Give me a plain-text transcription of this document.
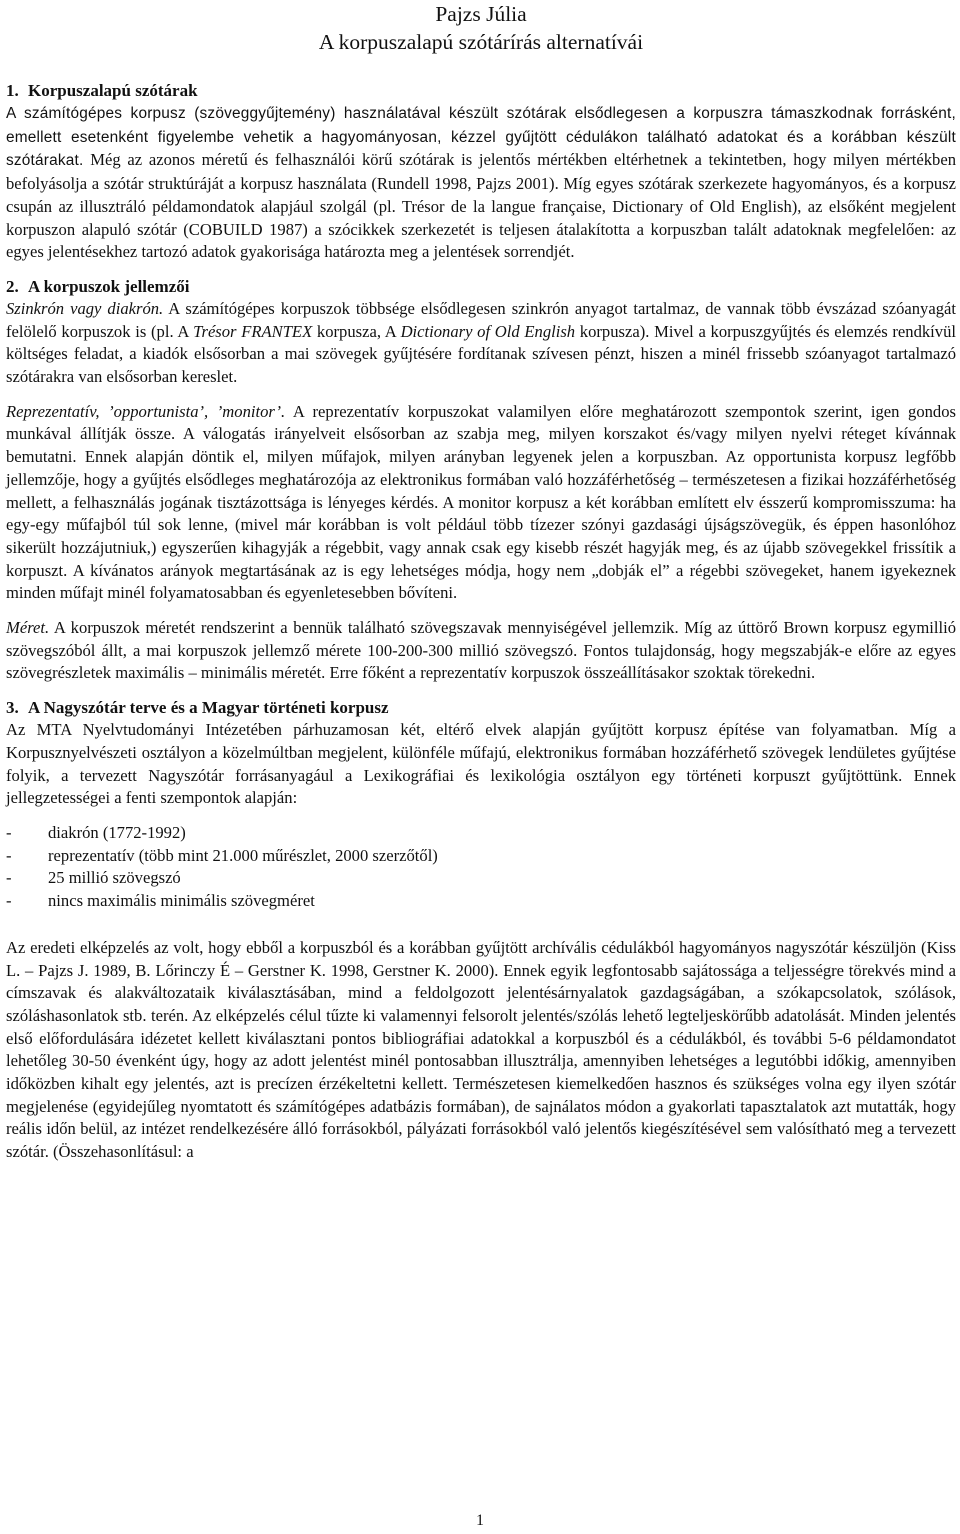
Pajzs Júlia
A korpuszalapú szótárírás alternatívái
1. Korpuszalapú szótárak

A számítógépes korpusz (szöveggyűjtemény) használatával készült szótárak elsődlegesen a korpuszra támaszkodnak forrásként, emellett esetenként figyelembe vehetik a hagyományosan, kézzel gyűjtött cédulákon található adatokat és a korábban készült szótárakat. Még az azonos méretű és felhasználói körű szótárak is jelentős mértékben eltérhetnek a tekintetben, hogy milyen mértékben befolyásolja a szótár struktúráját a korpusz használata (Rundell 1998, Pajzs 2001). Míg egyes szótárak szerkezete hagyományos, és a korpusz csupán az illusztráló példamondatok alapjául szolgál (pl. Trésor de la langue française, Dictionary of Old English), az elsőként megjelent korpuszon alapuló szótár (COBUILD 1987) a szócikkek szerkezetét is teljesen átalakította a korpuszban talált adatoknak megfelelően: az egyes jelentésekhez tartozó adatok gyakorisága határozta meg a jelentések sorrendjét.

2. A korpuszok jellemzői

Szinkrón vagy diakrón. A számítógépes korpuszok többsége elsődlegesen szinkrón anyagot tartalmaz, de vannak több évszázad szóanyagát felölelő korpuszok is (pl. A Trésor FRANTEX korpusza, A Dictionary of Old English korpusza). Mivel a korpuszgyűjtés és elemzés rendkívül költséges feladat, a kiadók elsősorban a mai szövegek gyűjtésére fordítanak szívesen pénzt, hiszen a minél frissebb szóanyagot tartalmazó szótárakra van elsősorban kereslet.

Reprezentatív, ’opportunista’, ’monitor’. A reprezentatív korpuszokat valamilyen előre meghatározott szempontok szerint, igen gondos munkával állítják össze. A válogatás irányelveit elsősorban az szabja meg, milyen korszakot és/vagy milyen nyelvi réteget kívánnak bemutatni. Ennek alapján döntik el, milyen műfajok, milyen arányban legyenek jelen a korpuszban. Az opportunista korpusz legfőbb jellemzője, hogy a gyűjtés elsődleges meghatározója az elektronikus formában való hozzáférhetőség – természetesen a fizikai hozzáférhetőség mellett, a felhasználás jogának tisztázottsága is lényeges kérdés. A monitor korpusz a két korábban említett elv ésszerű kompromisszuma: ha egy-egy műfajból túl sok lenne, (mivel már korábban is volt például több tízezer szónyi gazdasági újságszövegük, és éppen hasonlóhoz sikerült hozzájutniuk,) egyszerűen kihagyják a régebbit, vagy annak csak egy kisebb részét hagyják meg, és az újabb szövegekkel frissítik a korpuszt. A kívánatos arányok megtartásának az is egy lehetséges módja, hogy nem „dobják el” a régebbi szövegeket, hanem igyekeznek minden műfajt minél folyamatosabban és egyenletesebben bővíteni.

Méret. A korpuszok méretét rendszerint a bennük található szövegszavak mennyiségével jellemzik. Míg az úttörő Brown korpusz egymillió szövegszóból állt, a mai korpuszok jellemző mérete 100-200-300 millió szövegszó. Fontos tulajdonság, hogy megszabják-e előre az egyes szövegrészletek maximális – minimális méretét. Erre főként a reprezentatív korpuszok összeállításakor szoktak törekedni.

3. A Nagyszótár terve és a Magyar történeti korpusz

Az MTA Nyelvtudományi Intézetében párhuzamosan két, eltérő elvek alapján gyűjtött korpusz építése van folyamatban. Míg a Korpusznyelvészeti osztályon a közelmúltban megjelent, különféle műfajú, elektronikus formában hozzáférhető szövegek lendületes gyűjtése folyik, a tervezett Nagyszótár forrásanyagául a Lexikográfiai és lexikológia osztályon egy történeti korpuszt gyűjtöttünk. Ennek jellegzetességei a fenti szempontok alapján:

-	diakrón (1772-1992)
-	reprezentatív (több mint 21.000 műrészlet, 2000 szerzőtől)
-	25 millió szövegszó
-	nincs maximális minimális szövegméret

Az eredeti elképzelés az volt, hogy ebből a korpuszból és a korábban gyűjtött archívális cédulákból hagyományos nagyszótár készüljön (Kiss L. – Pajzs J. 1989, B. Lőrinczy É – Gerstner K. 1998, Gerstner K. 2000). Ennek egyik legfontosabb sajátossága a teljességre törekvés mind a címszavak és alakváltozataik kiválasztásában, mind a feldolgozott jelentésárnyalatok gazdagságában, a szókapcsolatok, szólások, szóláshasonlatok stb. terén. Az elképzelés célul tűzte ki valamennyi felsorolt jelentés/szólás lehető legteljeskörűbb adatolását. Minden jelentés első előfordulására idézetet kellett kiválasztani pontos bibliográfiai adatokkal a korpuszból és a cédulákból, és további 5-6 példamondatot lehetőleg 30-50 évenként úgy, hogy az adott jelentést minél pontosabban illusztrálja, amennyiben lehetséges a legutóbbi időkig, amennyiben időközben kihalt egy jelentés, azt is precízen érzékeltetni kellett. Természetesen kiemelkedően hasznos és szükséges volna egy ilyen szótár megjelenése (egyidejűleg nyomtatott és számítógépes adatbázis formában), de sajnálatos módon a gyakorlati tapasztalatok azt mutatták, hogy reális időn belül, az intézet rendelkezésére álló forrásokból, pályázati forrásokból való jelentős kiegészítésével sem valósítható meg a tervezett szótár. (Összehasonlításul: a

1
